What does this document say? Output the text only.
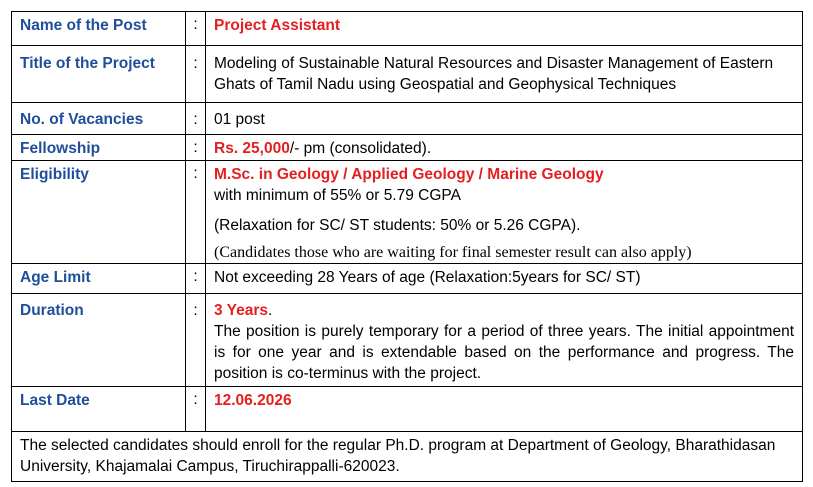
Name of the Post	:	Project Assistant
Title of the Project	:	Modeling of Sustainable Natural Resources and Disaster Management of Eastern Ghats of Tamil Nadu using Geospatial and Geophysical Techniques
No. of Vacancies	:	01 post
Fellowship	:	Rs. 25,000/- pm (consolidated).
Eligibility	:	M.Sc. in Geology / Applied Geology / Marine Geology
with minimum of 55% or 5.79 CGPA
(Relaxation for SC/ ST students: 50% or 5.26 CGPA).
(Candidates those who are waiting for final semester result can also apply)

Age Limit	:	Not exceeding 28 Years of age (Relaxation:5years for SC/ ST)
Duration	:	3 Years.
The position is purely temporary for a period of three years. The initial appointment is for one year and is extendable based on the performance and progress. The position is co-terminus with the project.

Last Date	:	12.06.2026
The selected candidates should enroll for the regular Ph.D. program at Department of Geology, Bharathidasan University, Khajamalai Campus, Tiruchirappalli-620023.		
